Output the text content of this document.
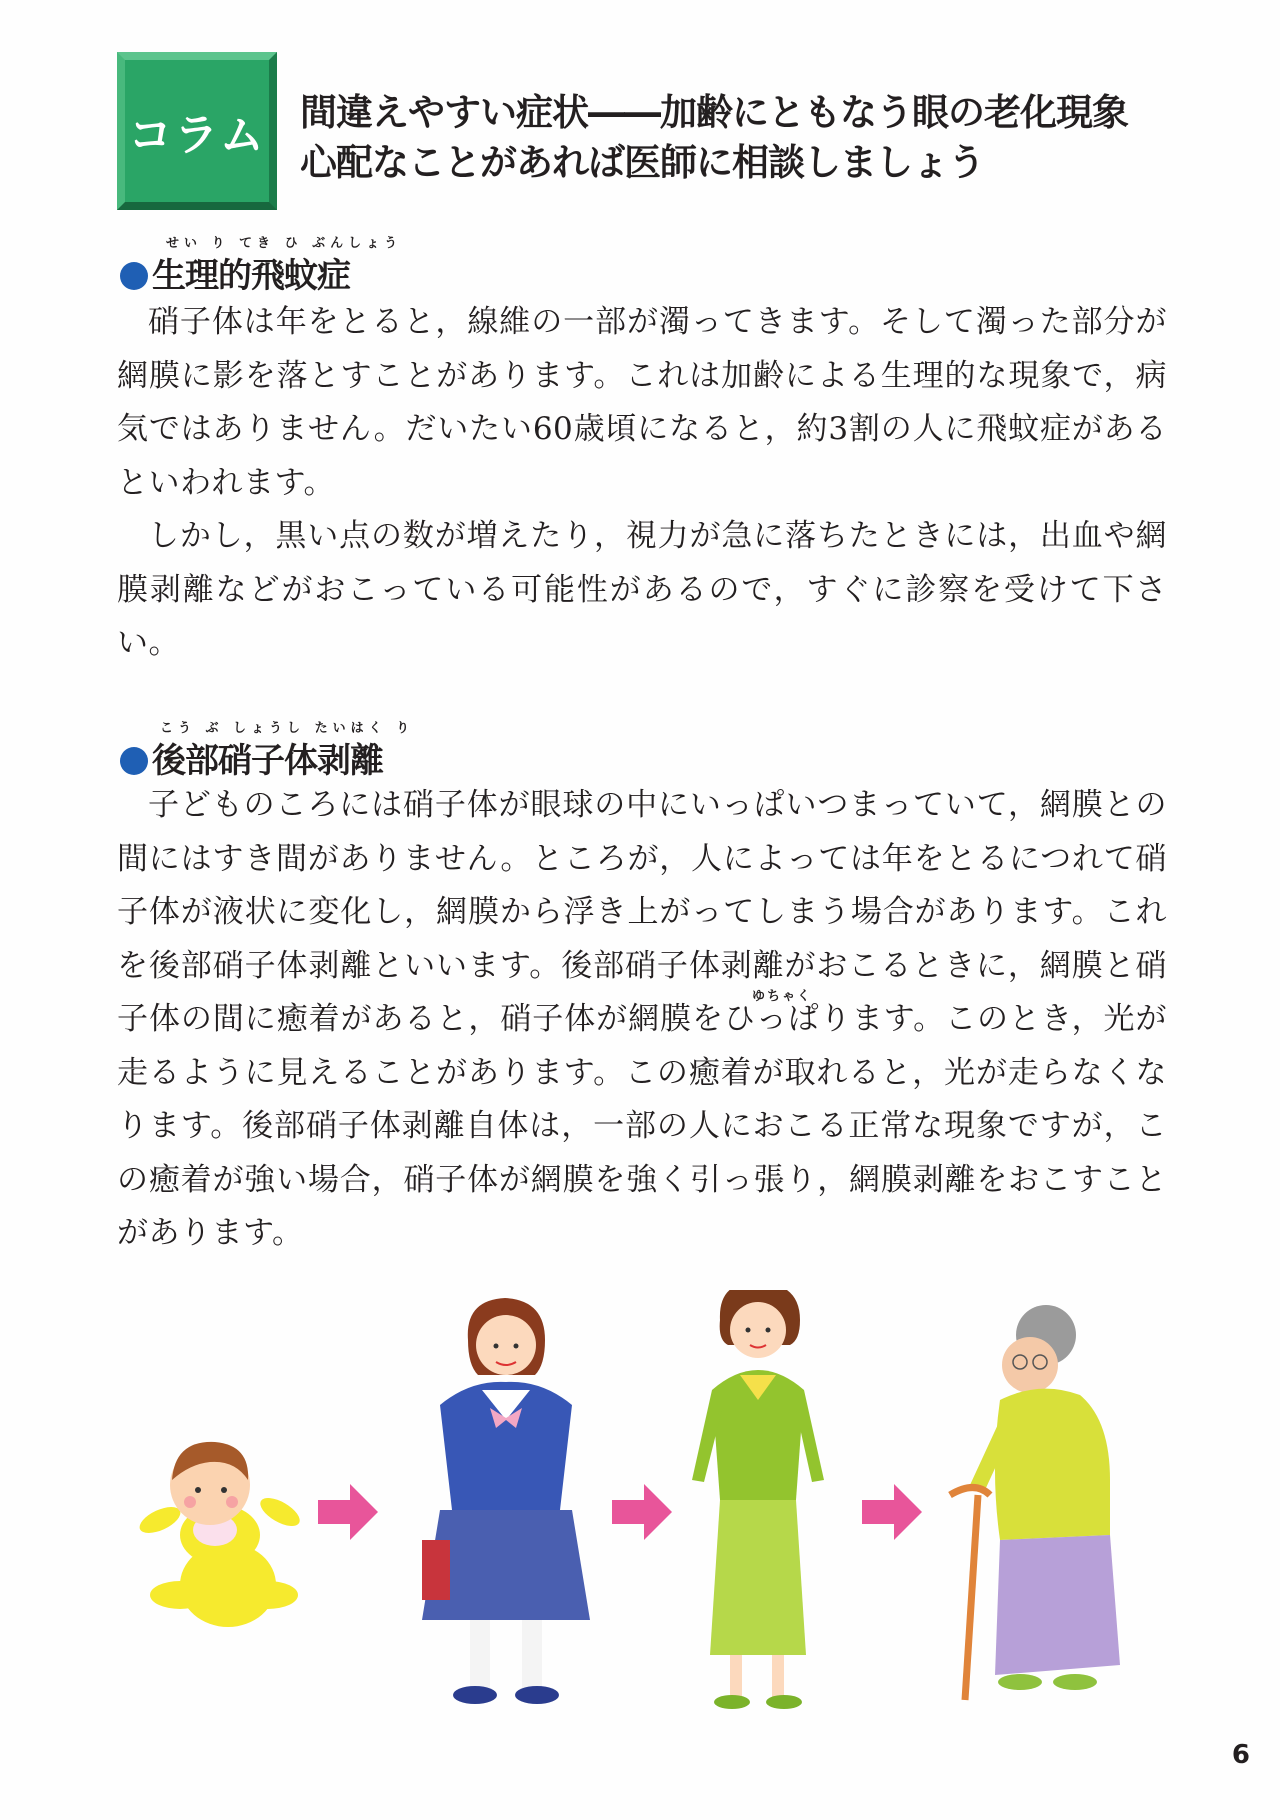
コラム 間違えやすい症状――加齢にともなう眼の老化現象
心配なことがあれば医師に相談しましょう
せい り てき ひ ぶんしょう
生理的飛蚊症

硝子体は年をとると，線維の一部が濁ってきます。そして濁った部分が網膜に影を落とすことがあります。これは加齢による生理的な現象で，病気ではありません。だいたい60歳頃になると，約3割の人に飛蚊症があるといわれます。

しかし，黒い点の数が増えたり，視力が急に落ちたときには，出血や網膜剥離などがおこっている可能性があるので，すぐに診察を受けて下さい。

こう ぶ しょうし たいはく り
後部硝子体剥離
ゆちゃく

子どものころには硝子体が眼球の中にいっぱいつまっていて，網膜との間にはすき間がありません。ところが，人によっては年をとるにつれて硝子体が液状に変化し，網膜から浮き上がってしまう場合があります。これを後部硝子体剥離といいます。後部硝子体剥離がおこるときに，網膜と硝子体の間に癒着があると，硝子体が網膜をひっぱります。このとき，光が走るように見えることがあります。この癒着が取れると，光が走らなくなります。後部硝子体剥離自体は，一部の人におこる正常な現象ですが，この癒着が強い場合，硝子体が網膜を強く引っ張り，網膜剥離をおこすことがあります。

6
